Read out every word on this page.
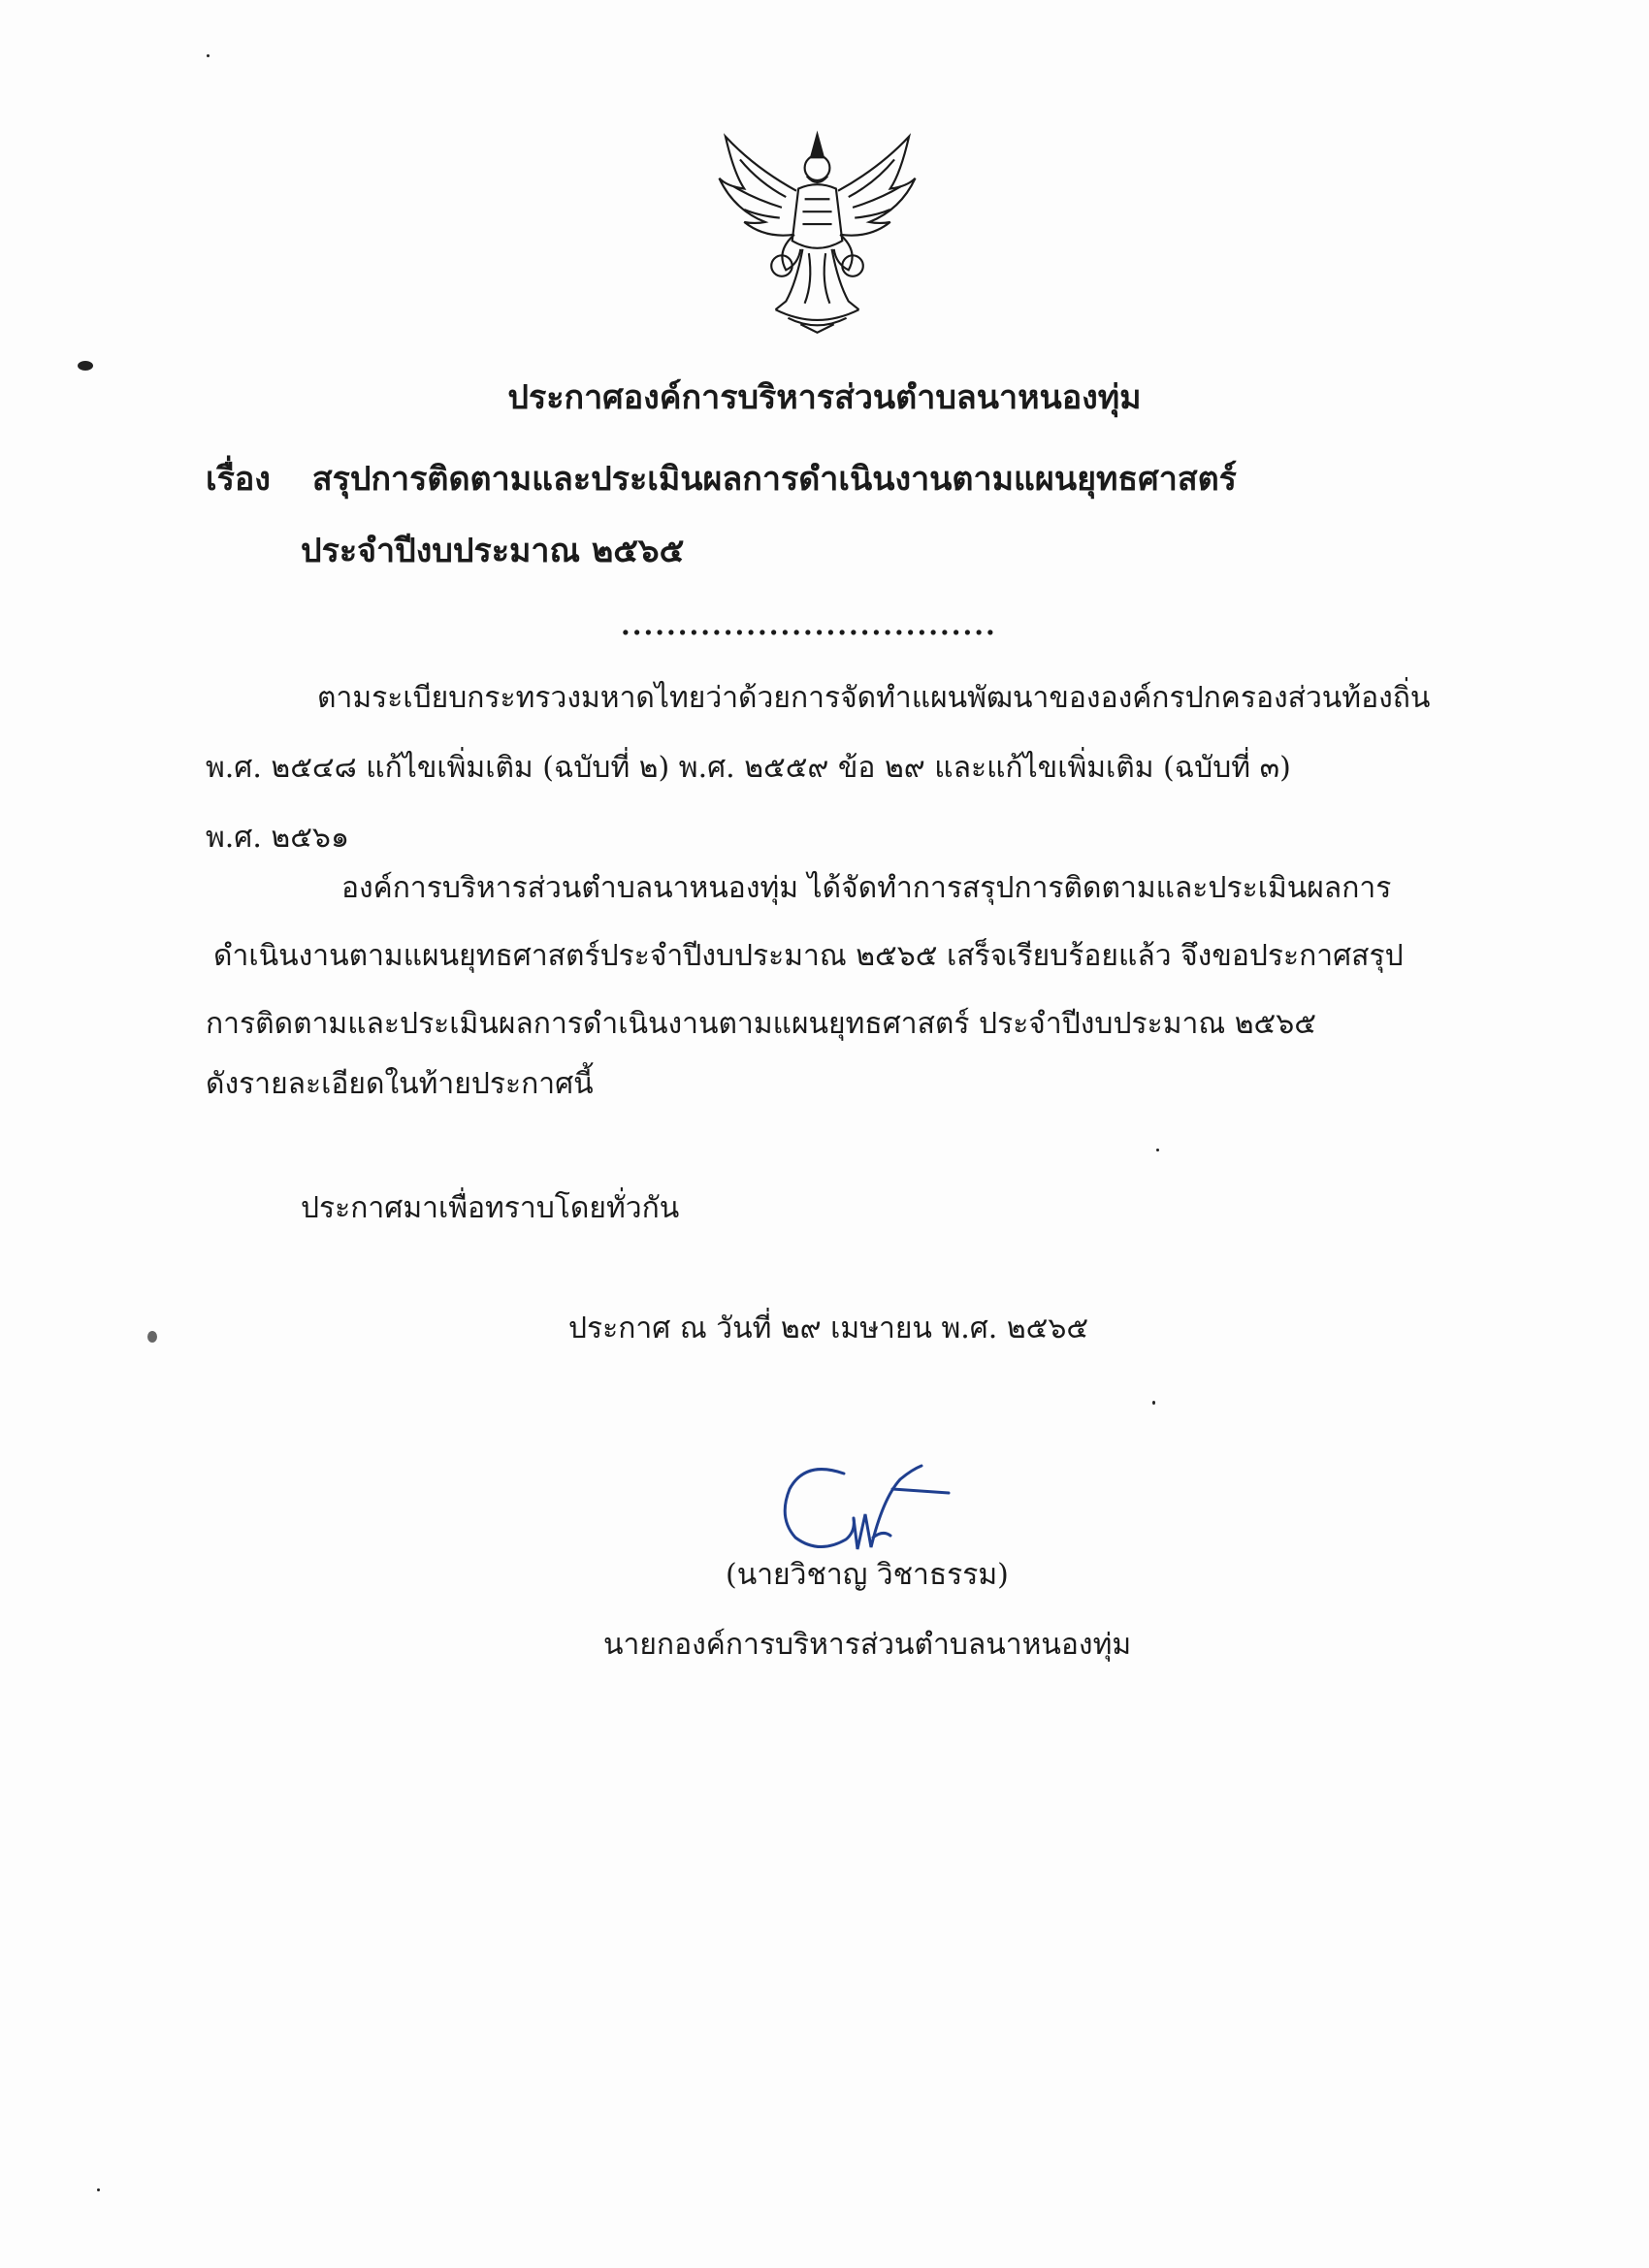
ประกาศองค์การบริหารส่วนตำบลนาหนองทุ่ม
เรื่อง สรุปการติดตามและประเมินผลการดำเนินงานตามแผนยุทธศาสตร์
ประจำปีงบประมาณ ๒๕๖๕
.................................
ตามระเบียบกระทรวงมหาดไทยว่าด้วยการจัดทำแผนพัฒนาขององค์กรปกครองส่วนท้องถิ่น
พ.ศ. ๒๕๔๘ แก้ไขเพิ่มเติม (ฉบับที่ ๒) พ.ศ. ๒๕๕๙ ข้อ ๒๙ และแก้ไขเพิ่มเติม (ฉบับที่ ๓)
พ.ศ. ๒๕๖๑
องค์การบริหารส่วนตำบลนาหนองทุ่ม ได้จัดทำการสรุปการติดตามและประเมินผลการ
ดำเนินงานตามแผนยุทธศาสตร์ประจำปีงบประมาณ ๒๕๖๕ เสร็จเรียบร้อยแล้ว จึงขอประกาศสรุป
การติดตามและประเมินผลการดำเนินงานตามแผนยุทธศาสตร์ ประจำปีงบประมาณ ๒๕๖๕
ดังรายละเอียดในท้ายประกาศนี้
ประกาศมาเพื่อทราบโดยทั่วกัน
ประกาศ ณ วันที่ ๒๙ เมษายน พ.ศ. ๒๕๖๕
(นายวิชาญ วิชาธรรม)
นายกองค์การบริหารส่วนตำบลนาหนองทุ่ม
